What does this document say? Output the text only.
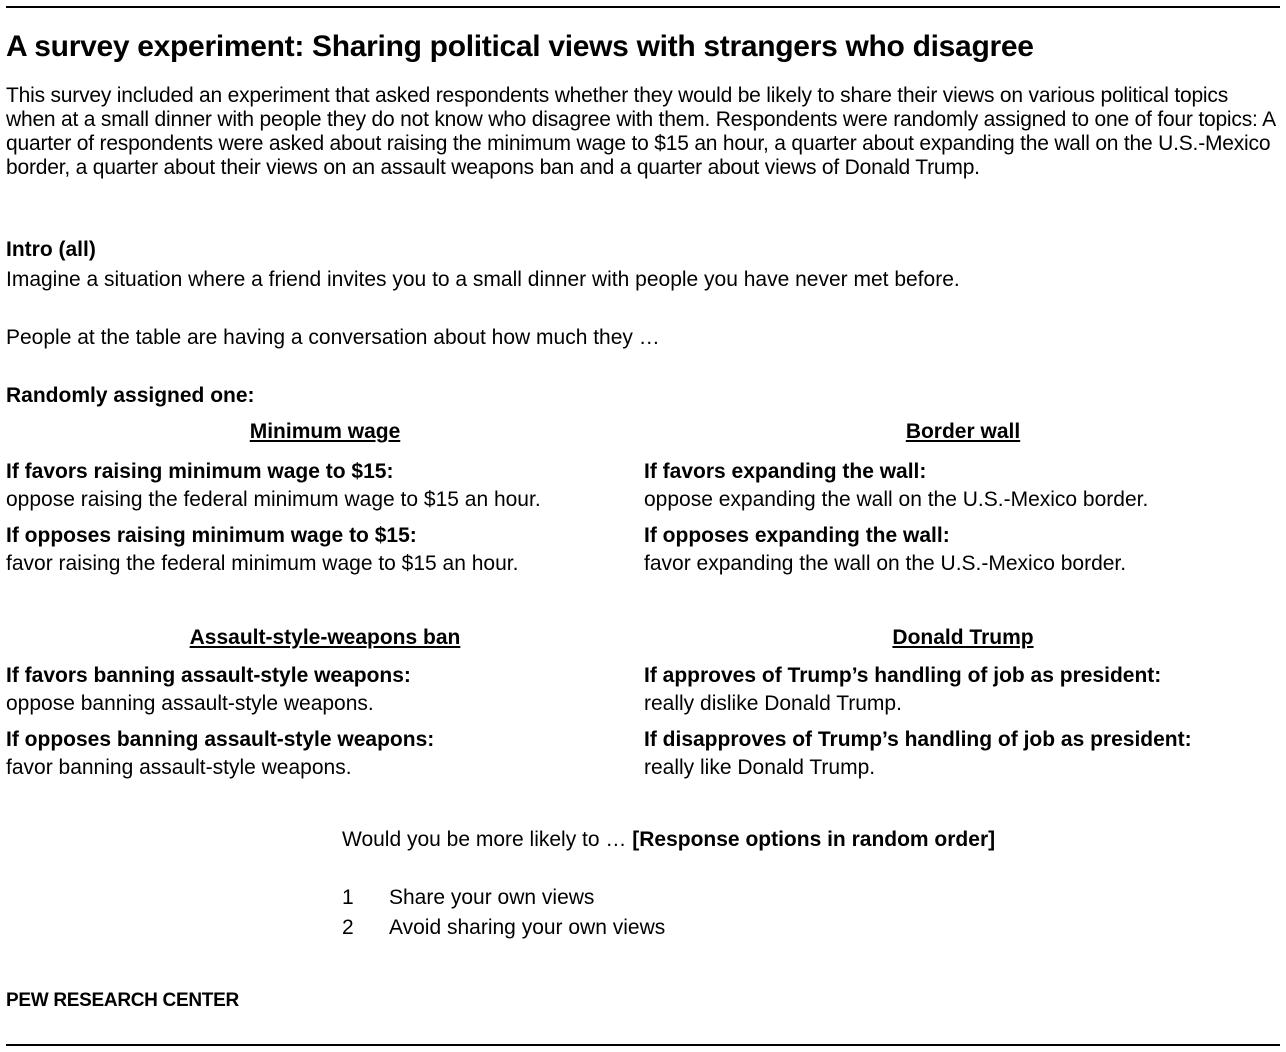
A survey experiment: Sharing political views with strangers who disagree

This survey included an experiment that asked respondents whether they would be likely to share their views on various political topics when at a small dinner with people they do not know who disagree with them. Respondents were randomly assigned to one of four topics: A quarter of respondents were asked about raising the minimum wage to $15 an hour, a quarter about expanding the wall on the U.S.-Mexico border, a quarter about their views on an assault weapons ban and a quarter about views of Donald Trump.

Intro (all)

Imagine a situation where a friend invites you to a small dinner with people you have never met before.

People at the table are having a conversation about how much they …

Randomly assigned one:

Minimum wage
If favors raising minimum wage to $15:
oppose raising the federal minimum wage to $15 an hour.
If opposes raising minimum wage to $15:
favor raising the federal minimum wage to $15 an hour.
Border wall
If favors expanding the wall:
oppose expanding the wall on the U.S.-Mexico border.
If opposes expanding the wall:
favor expanding the wall on the U.S.-Mexico border.
Assault-style-weapons ban
If favors banning assault-style weapons:
oppose banning assault-style weapons.
If opposes banning assault-style weapons:
favor banning assault-style weapons.
Donald Trump
If approves of Trump’s handling of job as president:
really dislike Donald Trump.
If disapproves of Trump’s handling of job as president:
really like Donald Trump.
Would you be more likely to … [Response options in random order]
1 Share your own views
2 Avoid sharing your own views
PEW RESEARCH CENTER
